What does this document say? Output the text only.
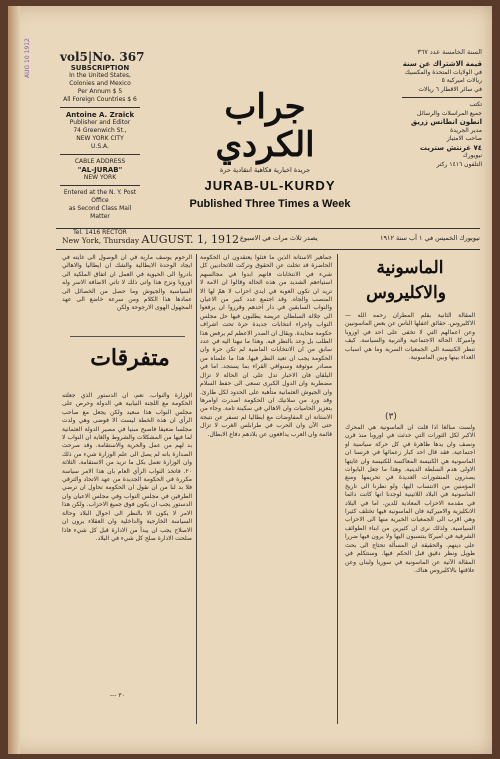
AUG 10 1912	vol5|No. 367	السنة الخامسة عدد ٣٦٧
SUBSCRIPTION
In the United States,
Colonies and Mexico
Per Annum $ 5
All Foreign Countries $ 6
Antoine A. Zraick
Publisher and Editor
74 Greenwich St.,
NEW YORK CITY
U.S.A.
CABLE ADDRESS
"AL-JURAB"
NEW YORK
Entered at the N. Y. Post Office
as Second Class Mail Matter
Tel. 1416 RECTOR
قيمة الاشتراك عن سنة
في الولايات المتحدة والمكسيك
ريالات اميركية ٥
في سائر الاقطار ٦ ريالات
تكتب
جميع المراسلات والرسائل
انطون انطانس زريق
مدير الجريدة
صاحب الامتياز
٧٤ غرنتش ستريت
نيويورك
التلفون ١٤١٦ ركتر
جراب الكردي
جريدة اخبارية فكاهية انتقادية حرة
JURAB-UL-KURDY
Published Three Times a Week
New York, Thursday AUGUST. 1, 1912 يصدر ثلاث مرات في الاسبوع	نيويورك الخميس في ١ آب سنة ١٩١٢
الرحوم يوسف مارية في ان الوصول الى غايته في ايجاد الوحدة الايطالية والشك ان ايطاليا والاهالي بادروا الى الحيوية في العمل ان اتفاق الملكية الى اوروبا ونزح هذا واتى ذلك لا تاتي الاضافة الاسر وله السياسية والجيوش وما حصل من الخصائل الى عمادها هذا الكلام ومن سرعة خاضع الى عهد المجهول الهوى الارجوحة ولكن
متفرقات
الوزارة والنواب. نعم، ان الدستور الذي جعلته الحكومة مع اللجنة النيابية هي الدولة وحرص على مجلس النواب هذا سعيد ولكن يجعل مع صاحب الرأي ان هذه الخطة ليست الا فوضى وهي ولدت مجلسا ضعيفا فاصبح مبنيا في مصير الدولة العثمانية لما فيها من المشكلات والشروط والغاية ان النواب لا بد لهم من عمل والحرية والاستقامة. وقد صرحت الصدارة بانه لم يصل الى علم الوزارة شيء من ذلك وان الوزارة تعمل بكل ما تريد من الاستقامة. الثلاثة ٢٠. فاتخذ النواب الرأي العام بان هذا الامر سياسة مكررة في الحكومة الجديدة من عهد الاتحاد والترقي فلا بد لنا من ان نقول ان الحكومة تحاول ان ترضي الطرفين في مجلس النواب وفي مجلس الاعيان وان الدستور يجب ان يكون فوق جميع الاحزاب. ولكن هذا الامر لا يكون الا بالنظر الى احوال البلاد وحالة السياسة الخارجية والداخلية وان العقلاء يرون ان الاصلاح يجب ان يبدأ من الادارة قبل كل شيء فاذا صلحت الادارة صلح كل شيء في البلاد.
--- ٣٠
جماهير الاستانة الذين ما فتئوا يعتقدون ان الحكومة الحاضرة قد تخلت عن الحقوق وتركت للاتحاديين كل شيء في الانتخابات فانهم ابدوا في مجالسهم استياءهم الشديد من هذه الحالة وقالوا ان الامة لا تريد ان تكون العوبة في ايدي احزاب لا همّ لها الا المنصب والجاه. وقد اجتمع عدد كبير من الاعيان والنواب السابقين في دار احدهم وقرروا ان يرفعوا الى جلالة السلطان عريضة يطلبون فيها حل مجلس النواب واجراء انتخابات جديدة حرة تحت اشراف حكومة محايدة. ويقال ان الصدر الاعظم لم يرفض هذا الطلب بل وعد بالنظر فيه. وهذا ما نبهنا اليه في عدد سابق من ان الانتخابات الماضية لم تكن حرة وان الحكومة يجب ان تعيد النظر فيها. هذا ما علمناه من مصادر موثوقة وسنوافي القراء بما يستجد. اما في البلقان فان الاخبار تدل على ان الحالة لا تزال مضطربة وان الدول الكبرى تسعى الى حفظ السلام وان الجيوش العثمانية متأهبة على الحدود لكل طارئ. وقد ورد من سلانيك ان الحكومة اصدرت اوامرها بتعزيز الحاميات وان الاهالي في سكينة تامة. وجاء من الاستانة ان المفاوضات مع ايطاليا لم تسفر عن نتيجة حتى الآن وان الحرب في طرابلس الغرب لا تزال قائمة وان العرب يدافعون عن بلادهم دفاع الابطال.
الماسونية
والاكليروس
المقالة الثانية بقلم المطران رحمه الله — الاكليروس. حقائق اغفلها الناس عن بعض الماسونيين وعن اعمالهم التي لا تخفى على احد في اوروبا واميركا. الحالة الاجتماعية والتربية والسياسة. كيف تنظر الكنيسة الى الجمعيات السرية وما هي اسباب العداء بينها وبين الماسونية.
(٣)
ولست مبالغا اذا قلت ان الماسونية هي المحرك الاكبر لكل الثورات التي حدثت في اوروبا منذ قرن ونصف وان يدها ظاهرة في كل حركة سياسية او اجتماعية. فقد قال احد كبار زعمائها في فرنسا ان الماسونية هي الكنيسة المعاكسة للكنيسة وان غايتها الاولى هدم السلطة الدينية. وهذا ما جعل البابوات يصدرون المنشورات العديدة في تحريمها ومنع المؤمنين من الانتساب اليها. ولو نظرنا الى تاريخ الماسونية في البلاد اللاتينية لوجدنا انها كانت دائما في مقدمة الاحزاب المعادية للدين. اما في البلاد الانكليزية والاميركية فان الماسونية فيها تختلف كثيرا وهي اقرب الى الجمعيات الخيرية منها الى الاحزاب السياسية. ولذلك نرى ان كثيرين من ابناء الطوائف الشرقية في اميركا ينتسبون اليها ولا يرون فيها ضررا على دينهم. والحقيقة ان المسألة تحتاج الى بحث طويل ونظر دقيق قبل الحكم فيها. وسنتكلم في المقالة الآتية عن الماسونية في سوريا ولبنان وعن علاقتها بالاكليروس هناك.
